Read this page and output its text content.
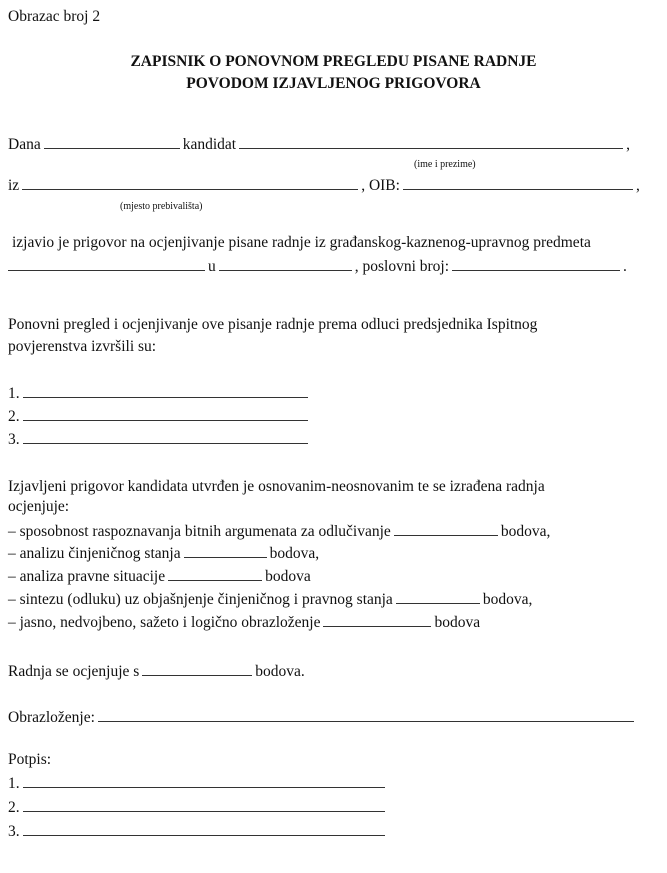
Obrazac broj 2
ZAPISNIK O PONOVNOM PREGLEDU PISANE RADNJE
POVODOM IZJAVLJENOG PRIGOVORA
Dana	kandidat	,
(ime i prezime)
iz	, OIB:	,
(mjesto prebivališta)
izjavio je prigovor na ocjenjivanje pisane radnje iz građanskog-kaznenog-upravnog predmeta
u	, poslovni broj:	.
Ponovni pregled i ocjenjivanje ove pisanje radnje prema odluci predsjednika Ispitnog
povjerenstva izvršili su:
1.
2.
3.
Izjavljeni prigovor kandidata utvrđen je osnovanim-neosnovanim te se izrađena radnja
ocjenjuje:
– sposobnost raspoznavanja bitnih argumenata za odlučivanje	bodova,
– analizu činjeničnog stanja	bodova,
– analiza pravne situacije	bodova
– sintezu (odluku) uz objašnjenje činjeničnog i pravnog stanja	bodova,
– jasno, nedvojbeno, sažeto i logično obrazloženje	bodova
Radnja se ocjenjuje s	bodova.
Obrazloženje:
Potpis:
1.
2.
3.
